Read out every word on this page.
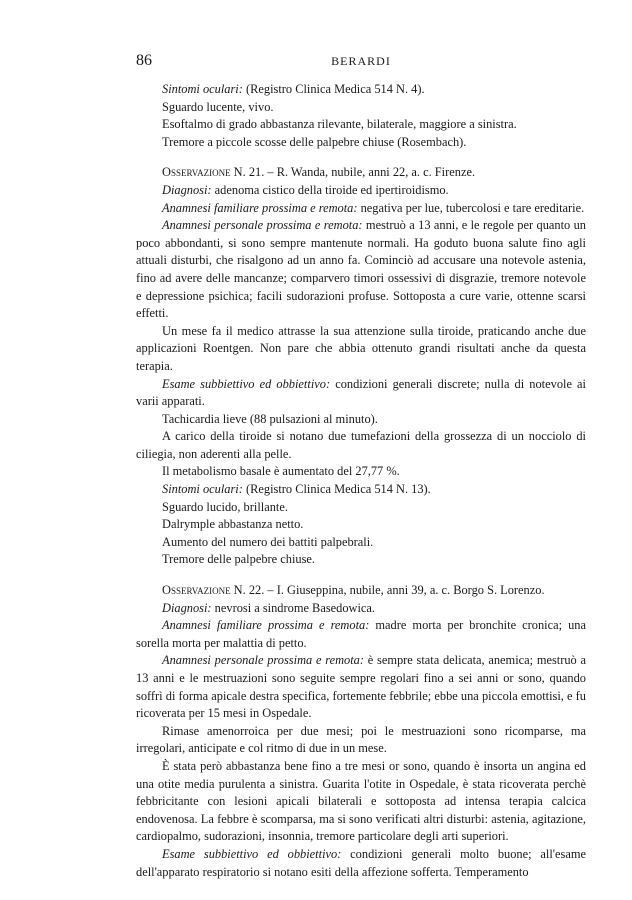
86	BERARDI

Sintomi oculari: (Registro Clinica Medica 514 N. 4).

Sguardo lucente, vivo.

Esoftalmo di grado abbastanza rilevante, bilaterale, maggiore a sinistra.

Tremore a piccole scosse delle palpebre chiuse (Rosembach).

Osservazione N. 21. – R. Wanda, nubile, anni 22, a. c. Firenze.

Diagnosi: adenoma cistico della tiroide ed ipertiroidismo.

Anamnesi familiare prossima e remota: negativa per lue, tubercolosi e tare ereditarie.

Anamnesi personale prossima e remota: mestruò a 13 anni, e le regole per quanto un poco abbondanti, si sono sempre mantenute normali. Ha goduto buona salute fino agli attuali disturbi, che risalgono ad un anno fa. Cominciò ad accusare una notevole astenia, fino ad avere delle mancanze; comparvero timori ossessivi di disgrazie, tremore notevole e depressione psichica; facili sudorazioni profuse. Sottoposta a cure varie, ottenne scarsi effetti.

Un mese fa il medico attrasse la sua attenzione sulla tiroide, praticando anche due applicazioni Roentgen. Non pare che abbia ottenuto grandi risultati anche da questa terapia.

Esame subbiettivo ed obbiettivo: condizioni generali discrete; nulla di notevole ai varii apparati.

Tachicardia lieve (88 pulsazioni al minuto).

A carico della tiroide si notano due tumefazioni della grossezza di un nocciolo di ciliegia, non aderenti alla pelle.

Il metabolismo basale è aumentato del 27,77 %.

Sintomi oculari: (Registro Clinica Medica 514 N. 13).

Sguardo lucido, brillante.

Dalrymple abbastanza netto.

Aumento del numero dei battiti palpebrali.

Tremore delle palpebre chiuse.

Osservazione N. 22. – I. Giuseppina, nubile, anni 39, a. c. Borgo S. Lorenzo.

Diagnosi: nevrosi a sindrome Basedowica.

Anamnesi familiare prossima e remota: madre morta per bronchite cronica; una sorella morta per malattia di petto.

Anamnesi personale prossima e remota: è sempre stata delicata, anemica; mestruò a 13 anni e le mestruazioni sono seguite sempre regolari fino a sei anni or sono, quando soffrì di forma apicale destra specifica, fortemente febbrile; ebbe una piccola emottisi, e fu ricoverata per 15 mesi in Ospedale.

Rimase amenorroica per due mesi; poi le mestruazioni sono ricomparse, ma irregolari, anticipate e col ritmo di due in un mese.

È stata però abbastanza bene fino a tre mesi or sono, quando è insorta un angina ed una otite media purulenta a sinistra. Guarita l'otite in Ospedale, è stata ricoverata perchè febbricitante con lesioni apicali bilaterali e sottoposta ad intensa terapia calcica endovenosa. La febbre è scomparsa, ma si sono verificati altri disturbi: astenia, agitazione, cardiopalmo, sudorazioni, insonnia, tremore particolare degli arti superiori.

Esame subbiettivo ed obbiettivo: condizioni generali molto buone; all'esame dell'apparato respiratorio si notano esiti della affezione sofferta. Temperamento
